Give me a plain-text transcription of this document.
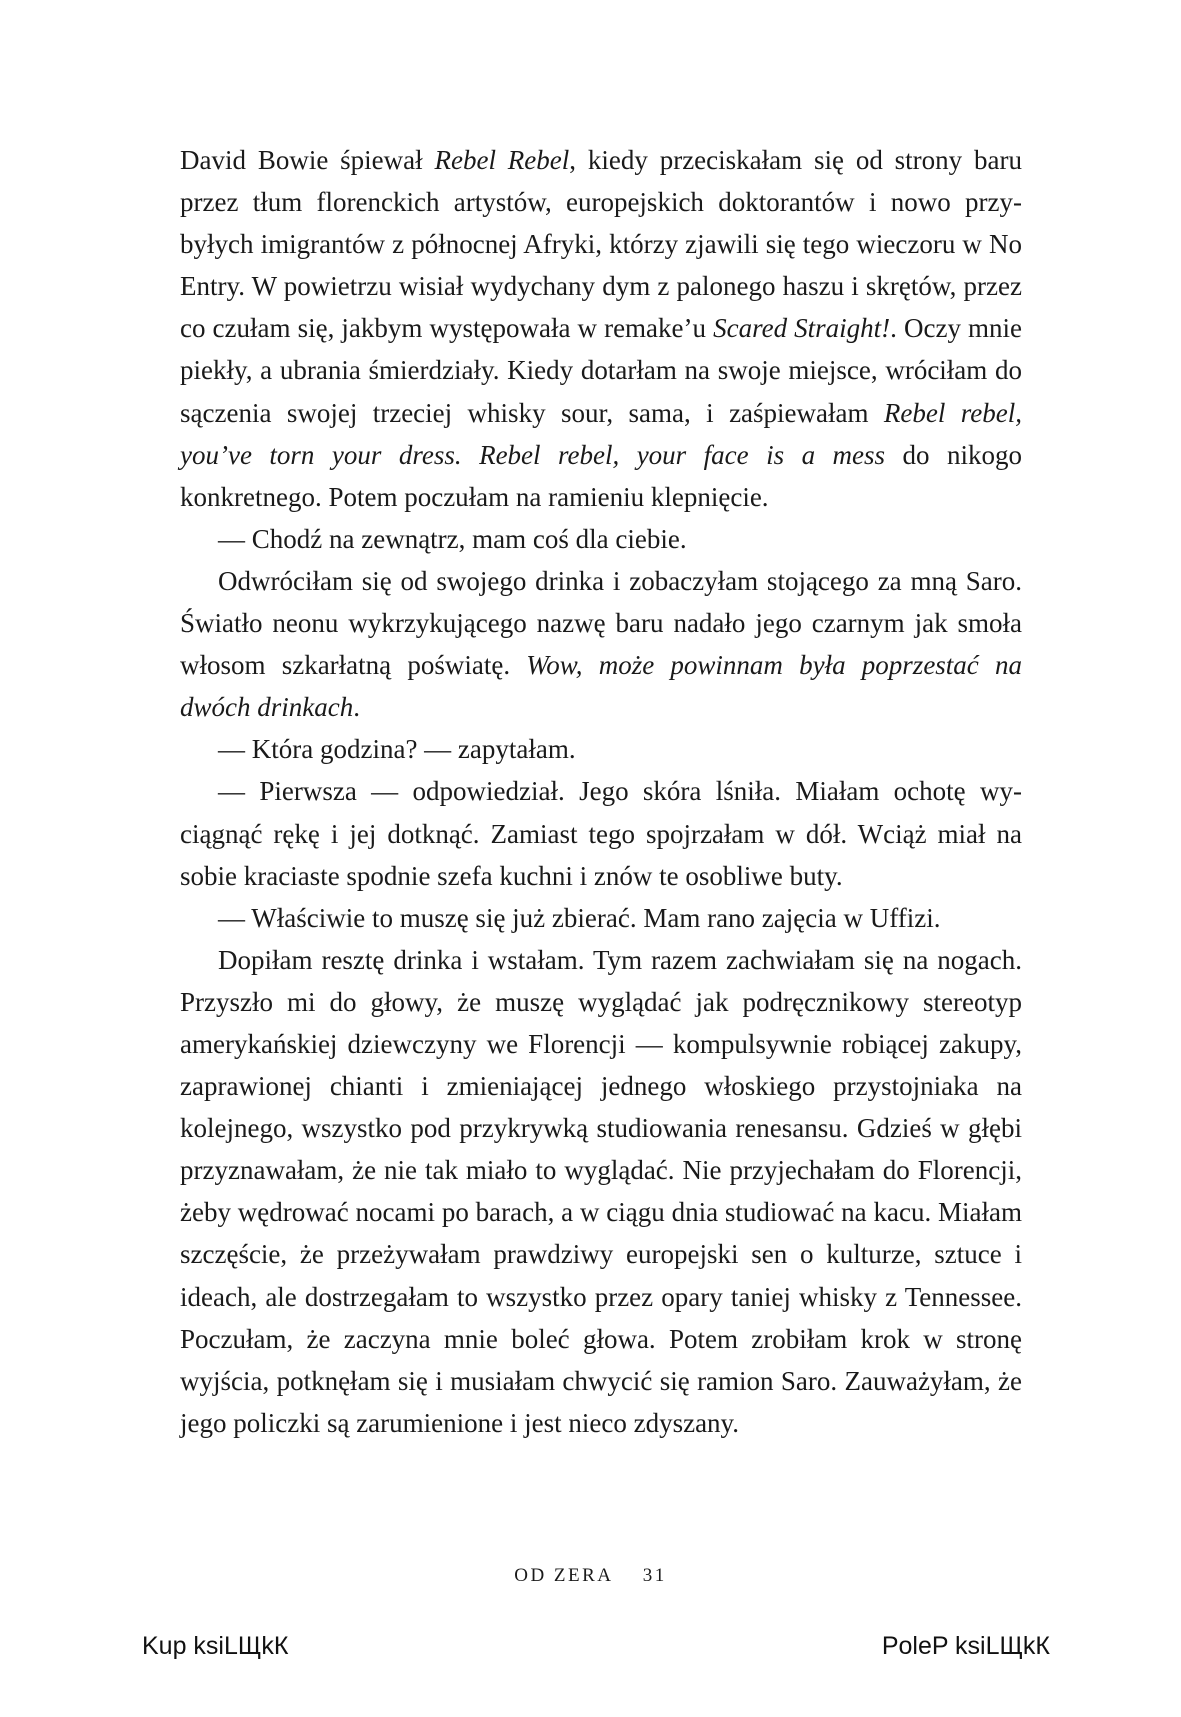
David Bowie śpiewał Rebel Rebel, kiedy przeciskałam się od strony baru przez tłum florenckich artystów, europejskich doktorantów i nowo przybyłych imigrantów z północnej Afryki, którzy zjawili się tego wieczoru w No Entry. W powietrzu wisiał wydychany dym z palonego haszu i skrętów, przez co czułam się, jakbym występowała w remake’u Scared Straight!. Oczy mnie piekły, a ubrania śmierdziały. Kiedy dotarłam na swoje miejsce, wróciłam do sączenia swojej trzeciej whisky sour, sama, i zaśpiewałam Rebel rebel, you’ve torn your dress. Rebel rebel, your face is a mess do nikogo konkretnego. Potem poczułam na ramieniu klepnięcie.

— Chodź na zewnątrz, mam coś dla ciebie.

Odwróciłam się od swojego drinka i zobaczyłam stojącego za mną Saro. Światło neonu wykrzykującego nazwę baru nadało jego czarnym jak smoła włosom szkarłatną poświatę. Wow, może powinnam była poprzestać na dwóch drinkach.

— Która godzina? — zapytałam.

— Pierwsza — odpowiedział. Jego skóra lśniła. Miałam ochotę wyciągnąć rękę i jej dotknąć. Zamiast tego spojrzałam w dół. Wciąż miał na sobie kraciaste spodnie szefa kuchni i znów te osobliwe buty.

— Właściwie to muszę się już zbierać. Mam rano zajęcia w Uffizi.

Dopiłam resztę drinka i wstałam. Tym razem zachwiałam się na nogach. Przyszło mi do głowy, że muszę wyglądać jak podręcznikowy stereotyp amerykańskiej dziewczyny we Florencji — kompulsywnie robiącej zakupy, zaprawionej chianti i zmieniającej jednego włoskiego przystojniaka na kolejnego, wszystko pod przykrywką studiowania renesansu. Gdzieś w głębi przyznawałam, że nie tak miało to wyglądać. Nie przyjechałam do Florencji, żeby wędrować nocami po barach, a w ciągu dnia studiować na kacu. Miałam szczęście, że przeżywałam prawdziwy europejski sen o kulturze, sztuce i ideach, ale dostrzegałam to wszystko przez opary taniej whisky z Tennessee. Poczułam, że zaczyna mnie boleć głowa. Potem zrobiłam krok w stronę wyjścia, potknęłam się i musiałam chwycić się ramion Saro. Zauważyłam, że jego policzki są zarumienione i jest nieco zdyszany.

OD ZERA 31
Kup ksiLЩkК	PoleP ksiLЩkК
